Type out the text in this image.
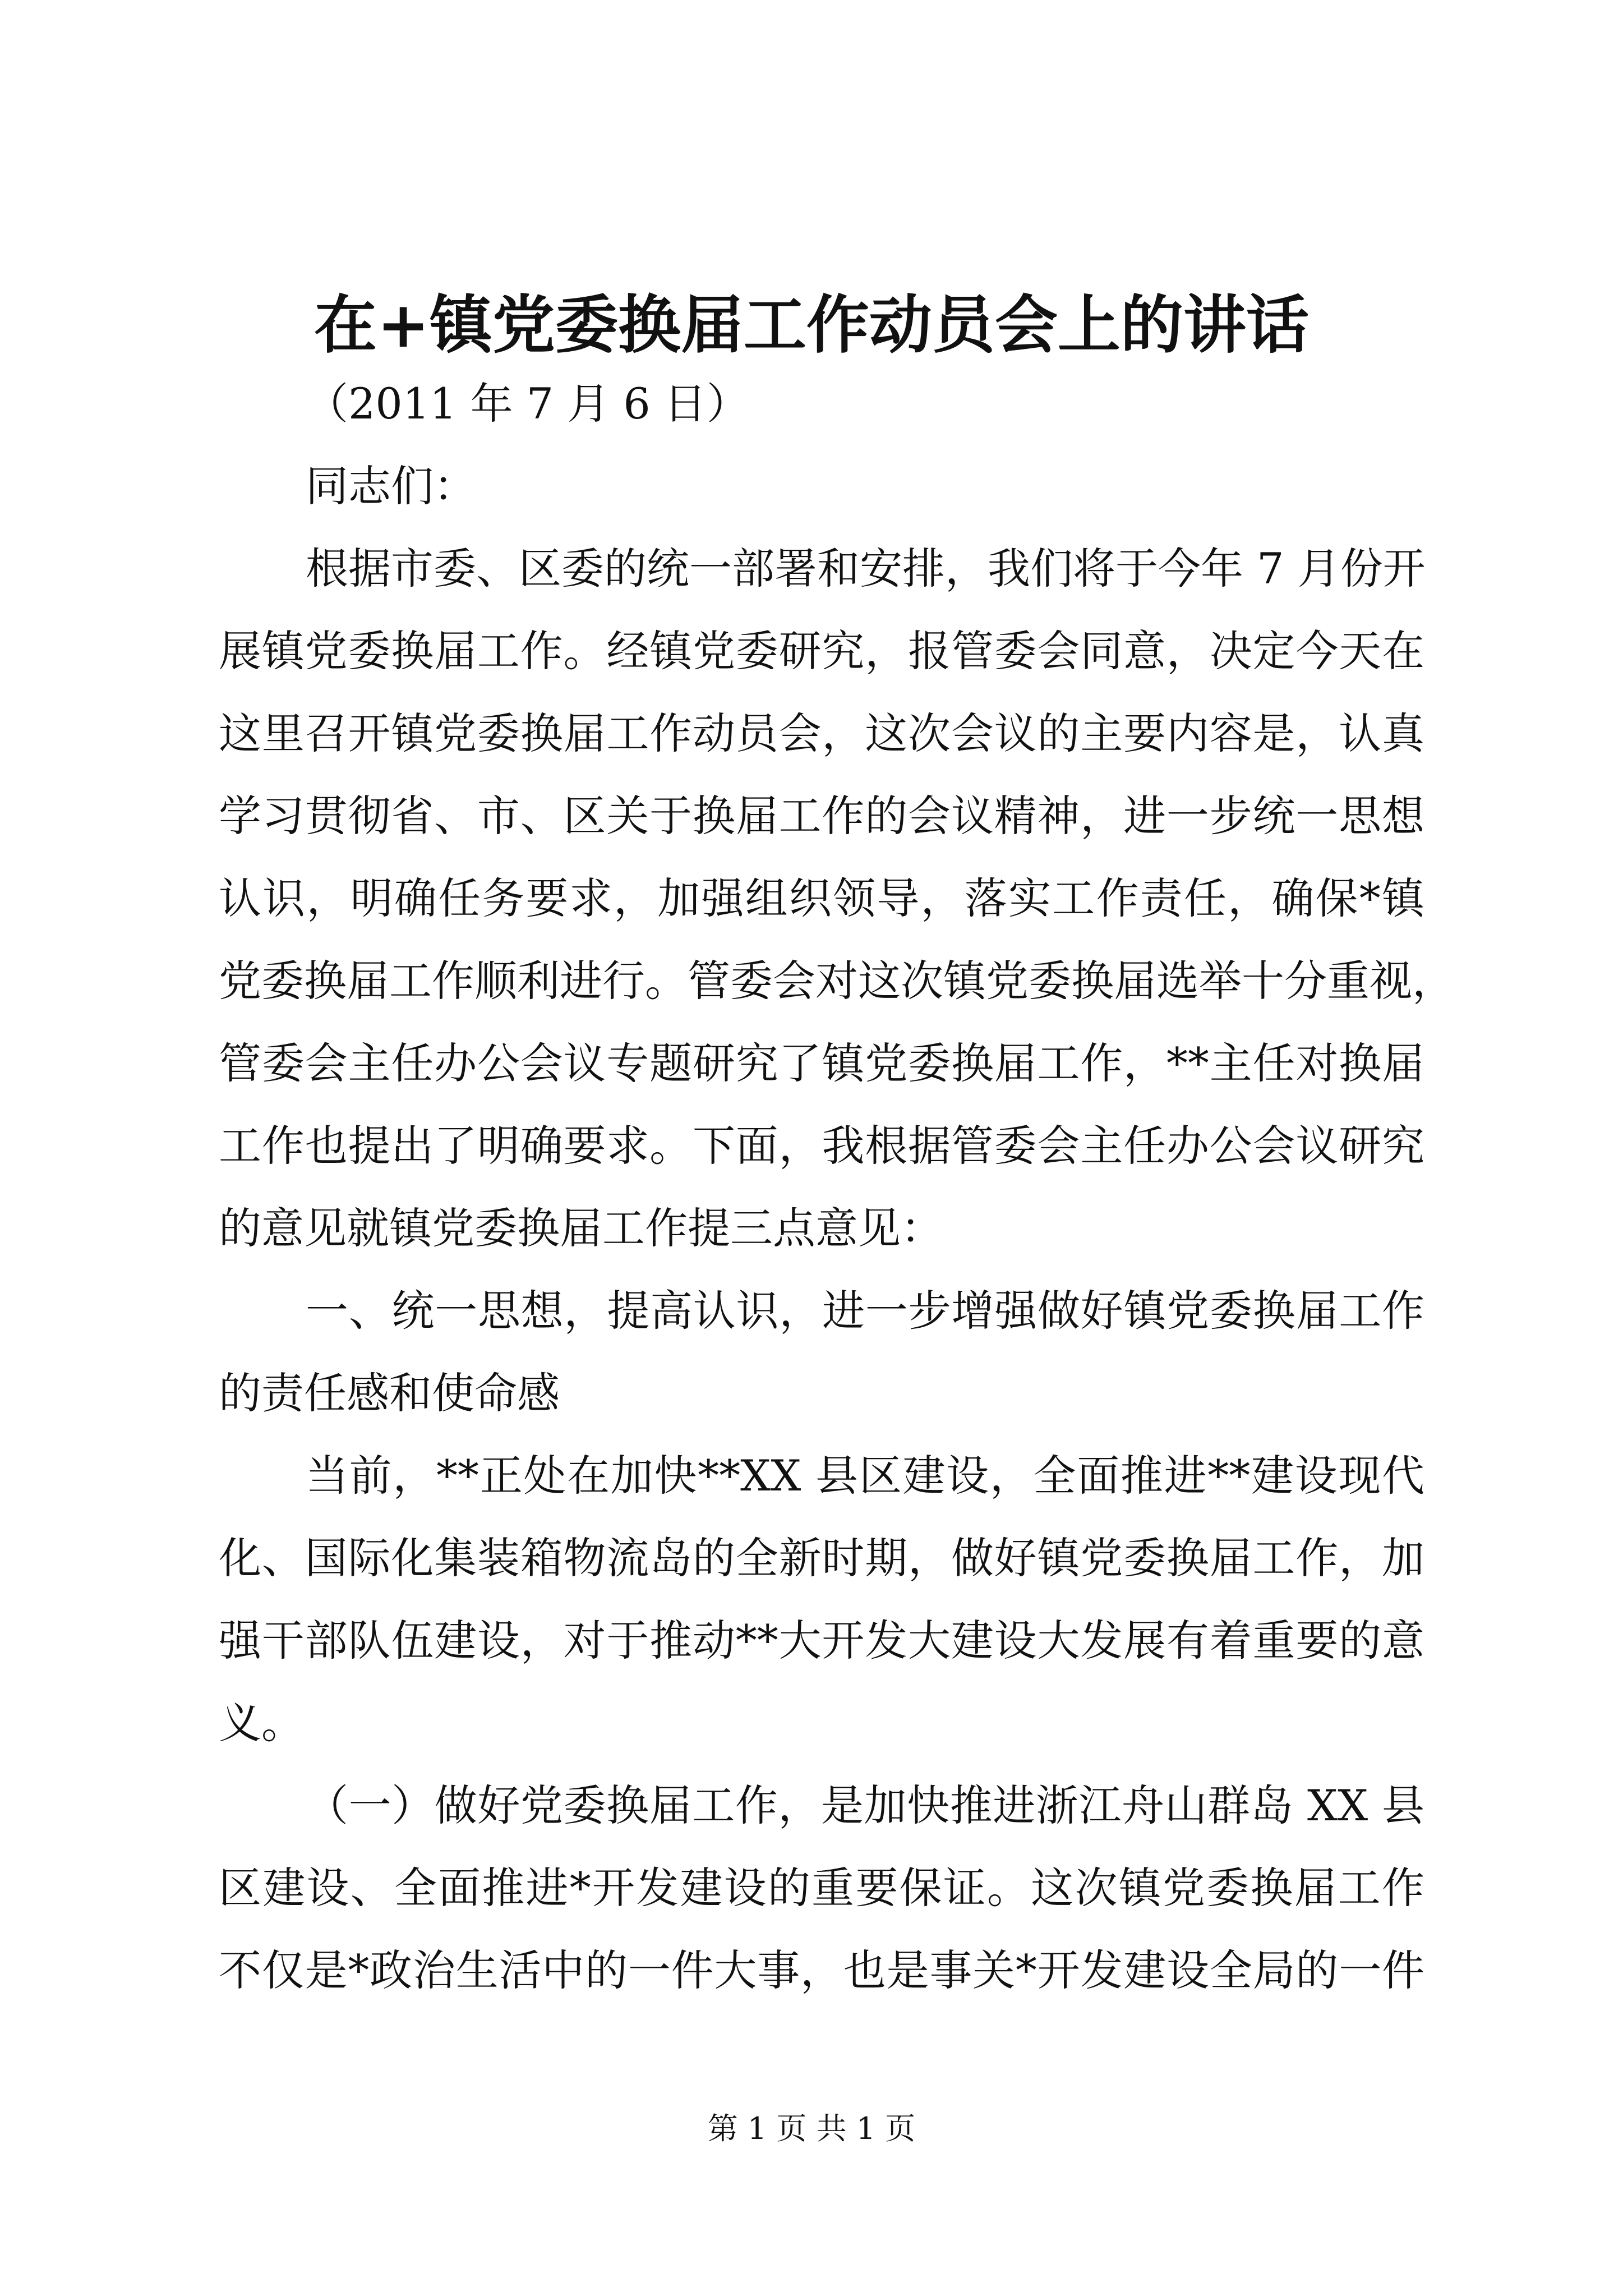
在+镇党委换届工作动员会上的讲话
（2011 年 7 月 6 日）
同志们：
根据市委、区委的统一部署和安排，我们将于今年 7 月份开
展镇党委换届工作。经镇党委研究，报管委会同意，决定今天在
这里召开镇党委换届工作动员会，这次会议的主要内容是，认真
学习贯彻省、市、区关于换届工作的会议精神，进一步统一思想
认识，明确任务要求，加强组织领导，落实工作责任，确保*镇
党委换届工作顺利进行。管委会对这次镇党委换届选举十分重视，
管委会主任办公会议专题研究了镇党委换届工作，**主任对换届
工作也提出了明确要求。下面，我根据管委会主任办公会议研究
的意见就镇党委换届工作提三点意见：
一、统一思想，提高认识，进一步增强做好镇党委换届工作
的责任感和使命感
当前，**正处在加快**XX 县区建设，全面推进**建设现代
化、国际化集装箱物流岛的全新时期，做好镇党委换届工作，加
强干部队伍建设，对于推动**大开发大建设大发展有着重要的意
义。
（一）做好党委换届工作，是加快推进浙江舟山群岛 XX 县
区建设、全面推进*开发建设的重要保证。这次镇党委换届工作
不仅是*政治生活中的一件大事，也是事关*开发建设全局的一件
第 1 页 共 1 页
